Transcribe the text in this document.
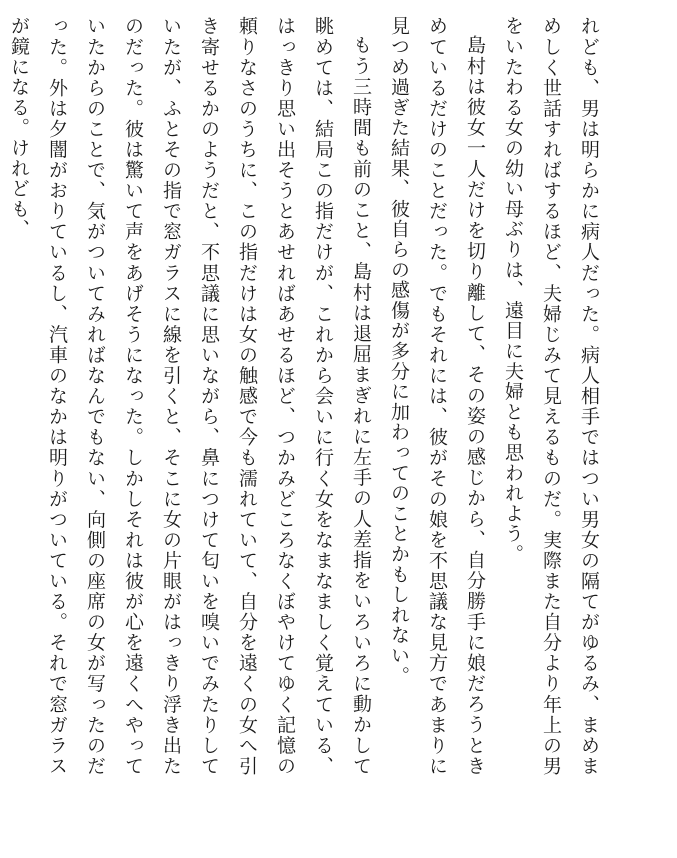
れども、男は明らかに病人だった。病人相手ではつい男女の隔てがゆるみ、まめまめしく世話すればするほど、夫婦じみて見えるものだ。実際また自分より年上の男をいたわる女の幼い母ぶりは、遠目に夫婦とも思われよう。

島村は彼女一人だけを切り離して、その姿の感じから、自分勝手に娘だろうときめているだけのことだった。でもそれには、彼がその娘を不思議な見方であまりに見つめ過ぎた結果、彼自らの感傷が多分に加わってのことかもしれない。

もう三時間も前のこと、島村は退屈まぎれに左手の人差指をいろいろに動かして眺めては、結局この指だけが、これから会いに行く女をなまなましく覚えている、はっきり思い出そうとあせればあせるほど、つかみどころなくぼやけてゆく記憶の頼りなさのうちに、この指だけは女の触感で今も濡れていて、自分を遠くの女へ引き寄せるかのようだと、不思議に思いながら、鼻につけて匂いを嗅いでみたりしていたが、ふとその指で窓ガラスに線を引くと、そこに女の片眼がはっきり浮き出たのだった。彼は驚いて声をあげそうになった。しかしそれは彼が心を遠くへやっていたからのことで、気がついてみればなんでもない、向側の座席の女が写ったのだった。外は夕闇がおりているし、汽車のなかは明りがついている。それで窓ガラスが鏡になる。けれども、
